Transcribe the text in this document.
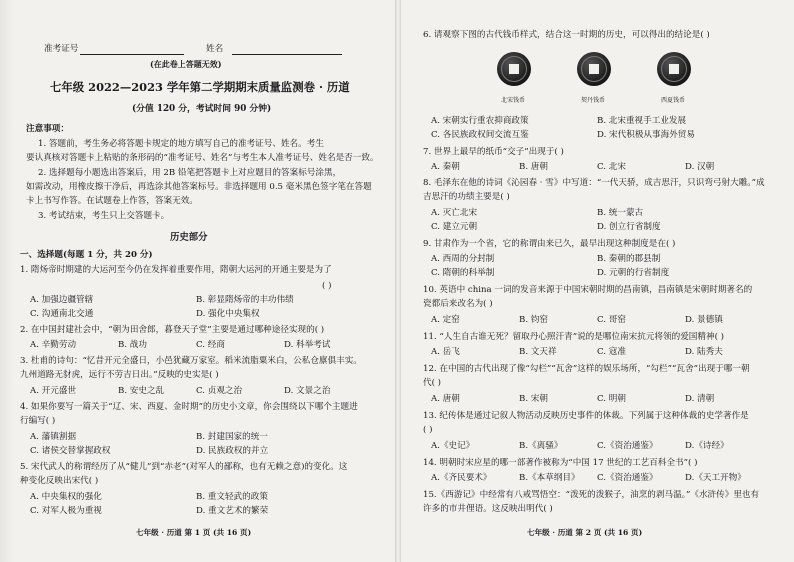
准考证号	姓名
(在此卷上答题无效)
七年级 2022—2023 学年第二学期期末质量监测卷 · 历道
(分值 120 分，考试时间 90 分钟)
注意事项：
1. 答题前，考生务必将答题卡规定的地方填写自己的准考证号、姓名。考生
要认真核对答题卡上粘贴的条形码的“准考证号、姓名”与考生本人准考证号、姓名是否一致。
2. 选择题每小题选出答案后，用 2B 铅笔把答题卡上对应题目的答案标号涂黑，
如需改动，用橡皮擦干净后，再选涂其他答案标号。非选择题用 0.5 毫米黑色签字笔在答题
卡上书写作答。在试题卷上作答，答案无效。
3. 考试结束，考生只上交答题卡。
历史部分
一、选择题(每题 1 分，共 20 分)
1. 隋炀帝时期建的大运河至今仍在发挥着重要作用，隋朝大运河的开通主要是为了
( )
A. 加强边疆管辖	B. 彰显隋炀帝的丰功伟绩
C. 沟通南北交通	D. 强化中央集权
2. 在中国封建社会中，“朝为田舍郎，暮登天子堂”主要是通过哪种途径实现的( )
A. 辛勤劳动	B. 战功	C. 经商	D. 科举考试
3. 杜甫的诗句：“忆昔开元全盛日，小邑犹藏万家室。稻米流脂粟米白，公私仓廪俱丰实。
九州道路无豺虎，远行不劳吉日出。”反映的史实是( )
A. 开元盛世	B. 安史之乱	C. 贞观之治	D. 文景之治
4. 如果你要写一篇关于“辽、宋、西夏、金时期”的历史小文章，你会围绕以下哪个主题进
行编写( )
A. 藩镇割据	B. 封建国家的统一
C. 诸侯交替掌握政权	D. 民族政权的并立
5. 宋代武人的称谓经历了从“健儿”到“赤老”(对军人的鄙称，也有无赖之意)的变化。这
种变化反映出宋代( )
A. 中央集权的强化	B. 重文轻武的政策
C. 对军人极为重视	D. 重文艺术的繁荣
七年级 · 历道 第 1 页 (共 16 页)
6. 请观察下图的古代钱币样式，结合这一时期的历史，可以得出的结论是( )
北宋钱币	契丹钱币	西夏钱币
A. 宋朝实行重农抑商政策	B. 北宋重视手工业发展
C. 各民族政权间交流互鉴	D. 宋代积极从事海外贸易
7. 世界上最早的纸币“交子”出现于( )
A. 秦朝	B. 唐朝	C. 北宋	D. 汉朝
8. 毛泽东在他的诗词《沁园春 · 雪》中写道：“一代天骄，成吉思汗，只识弯弓射大雕。”成
吉思汗的功绩主要是( )
A. 灭亡北宋	B. 统一蒙古
C. 建立元朝	D. 创立行省制度
9. 甘肃作为一个省，它的称谓由来已久，最早出现这种制度是在( )
A. 西周的分封制	B. 秦朝的郡县制
C. 隋朝的科举制	D. 元朝的行省制度
10. 英语中 china 一词的发音来源于中国宋朝时期的昌南镇，昌南镇是宋朝时期著名的
瓷都后来改名为( )
A. 定窑	B. 钧窑	C. 哥窑	D. 景德镇
11. “人生自古谁无死？留取丹心照汗青”说的是哪位南宋抗元将领的爱国精神( )
A. 岳飞	B. 文天祥	C. 寇准	D. 陆秀夫
12. 在中国的古代出现了像“勾栏”“瓦舍”这样的娱乐场所，“勾栏”“瓦舍”出现于哪一朝
代( )
A. 唐朝	B. 宋朝	C. 明朝	D. 清朝
13. 纪传体是通过记叙人物活动反映历史事件的体裁。下列属于这种体裁的史学著作是
( )
A.《史记》	B.《离骚》	C.《资治通鉴》	D.《诗经》
14. 明朝时宋应星的哪一部著作被称为“中国 17 世纪的工艺百科全书”( )
A.《齐民要术》	B.《本草纲目》 C.《资治通鉴》	D.《天工开物》
15.《西游记》中经常有八戒骂悟空：“泼死的泼猴子，油烹的剥马温。”《水浒传》里也有
许多的市井俚语。这反映出明代( )
七年级 · 历道 第 2 页 (共 16 页)
